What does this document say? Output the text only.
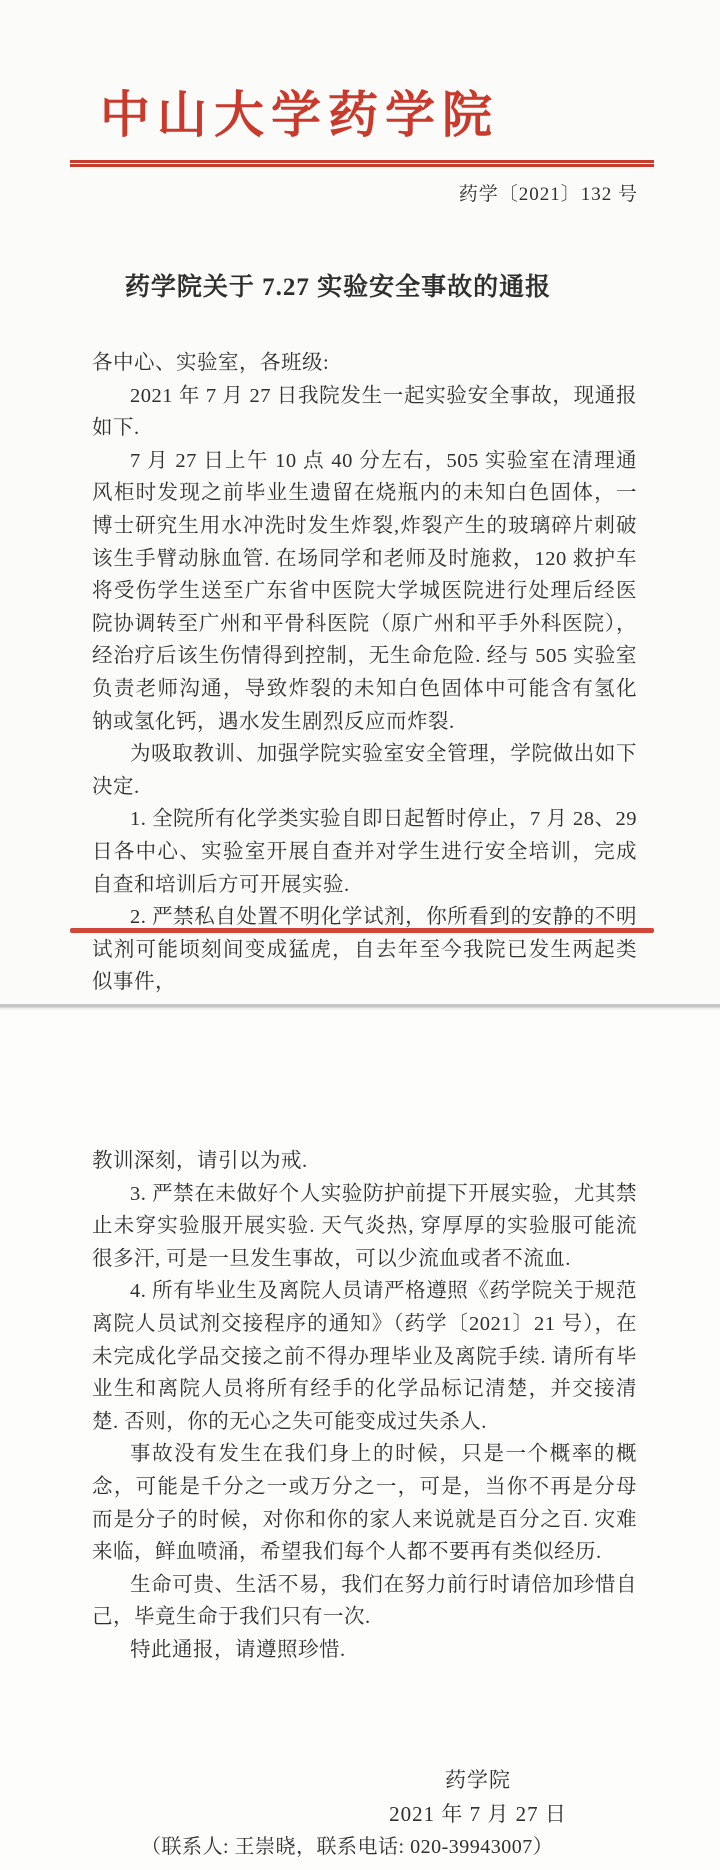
中山大学药学院
药学〔2021〕132 号
药学院关于 7.27 实验安全事故的通报
各中心、实验室，各班级:
2021 年 7 月 27 日我院发生一起实验安全事故，现通报如下.
7 月 27 日上午 10 点 40 分左右，505 实验室在清理通风柜时发现之前毕业生遗留在烧瓶内的未知白色固体，一博士研究生用水冲洗时发生炸裂,炸裂产生的玻璃碎片刺破该生手臂动脉血管. 在场同学和老师及时施救，120 救护车将受伤学生送至广东省中医院大学城医院进行处理后经医院协调转至广州和平骨科医院（原广州和平手外科医院），经治疗后该生伤情得到控制，无生命危险. 经与 505 实验室负责老师沟通，导致炸裂的未知白色固体中可能含有氢化钠或氢化钙，遇水发生剧烈反应而炸裂.
为吸取教训、加强学院实验室安全管理，学院做出如下决定.
1. 全院所有化学类实验自即日起暂时停止，7 月 28、29 日各中心、实验室开展自查并对学生进行安全培训，完成自查和培训后方可开展实验.
2. 严禁私自处置不明化学试剂，你所看到的安静的不明试剂可能顷刻间变成猛虎，自去年至今我院已发生两起类似事件，
教训深刻，请引以为戒.
3. 严禁在未做好个人实验防护前提下开展实验，尤其禁止未穿实验服开展实验. 天气炎热, 穿厚厚的实验服可能流很多汗, 可是一旦发生事故，可以少流血或者不流血.
4. 所有毕业生及离院人员请严格遵照《药学院关于规范离院人员试剂交接程序的通知》（药学〔2021〕21 号），在未完成化学品交接之前不得办理毕业及离院手续. 请所有毕业生和离院人员将所有经手的化学品标记清楚，并交接清楚. 否则，你的无心之失可能变成过失杀人.
事故没有发生在我们身上的时候，只是一个概率的概念，可能是千分之一或万分之一，可是，当你不再是分母而是分子的时候，对你和你的家人来说就是百分之百. 灾难来临，鲜血喷涌，希望我们每个人都不要再有类似经历.
生命可贵、生活不易，我们在努力前行时请倍加珍惜自己，毕竟生命于我们只有一次.
特此通报，请遵照珍惜.
药学院
2021 年 7 月 27 日
（联系人: 王崇晓，联系电话: 020-39943007）
